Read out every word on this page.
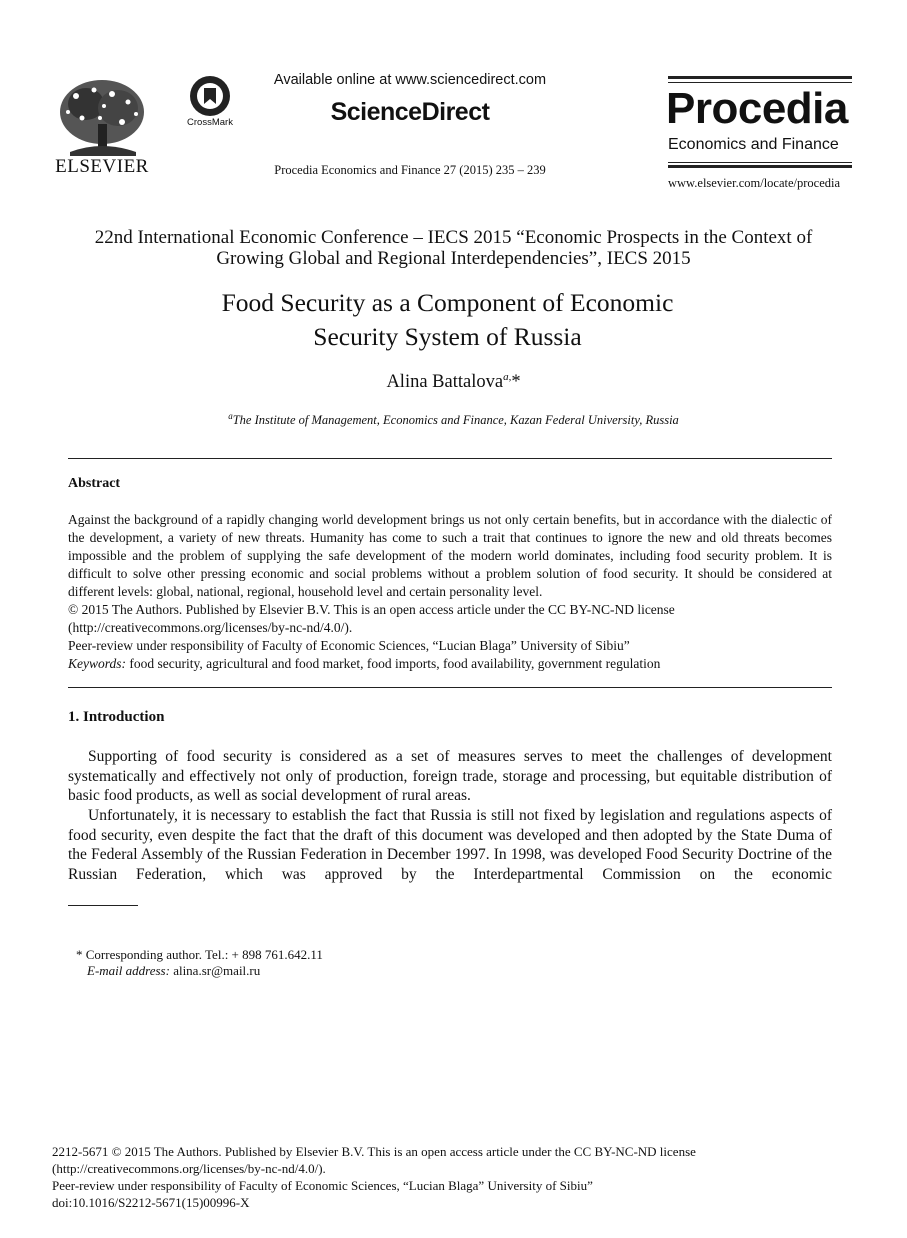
ELSEVIER
CrossMark
Available online at www.sciencedirect.com
ScienceDirect
Procedia Economics and Finance 27 (2015) 235 – 239
Procedia
Economics and Finance
www.elsevier.com/locate/procedia
22nd International Economic Conference – IECS 2015 “Economic Prospects in the Context of Growing Global and Regional Interdependencies”, IECS 2015
Food Security as a Component of Economic
Security System of Russia
Alina Battalova$^{a,}$*
$^a$The Institute of Management, Economics and Finance, Kazan Federal University, Russia
Abstract
Against the background of a rapidly changing world development brings us not only certain benefits, but in accordance with the dialectic of the development, a variety of new threats. Humanity has come to such a trait that continues to ignore the new and old threats becomes impossible and the problem of supplying the safe development of the modern world dominates, including food security problem. It is difficult to solve other pressing economic and social problems without a problem solution of food security. It should be considered at different levels: global, national, regional, household level and certain personality level.
© 2015 The Authors. Published by Elsevier B.V. This is an open access article under the CC BY-NC-ND license
(http://creativecommons.org/licenses/by-nc-nd/4.0/).
Peer-review under responsibility of Faculty of Economic Sciences, “Lucian Blaga” University of Sibiu”
Keywords: food security, agricultural and food market, food imports, food availability, government regulation
1. Introduction
Supporting of food security is considered as a set of measures serves to meet the challenges of development systematically and effectively not only of production, foreign trade, storage and processing, but equitable distribution of basic food products, as well as social development of rural areas.
Unfortunately, it is necessary to establish the fact that Russia is still not fixed by legislation and regulations aspects of food security, even despite the fact that the draft of this document was developed and then adopted by the State Duma of the Federal Assembly of the Russian Federation in December 1997. In 1998, was developed Food Security Doctrine of the Russian Federation, which was approved by the Interdepartmental Commission on the economic
* Corresponding author. Tel.: + 898 761.642.11
E-mail address: alina.sr@mail.ru
2212-5671 © 2015 The Authors. Published by Elsevier B.V. This is an open access article under the CC BY-NC-ND license
(http://creativecommons.org/licenses/by-nc-nd/4.0/).
Peer-review under responsibility of Faculty of Economic Sciences, “Lucian Blaga” University of Sibiu”
doi:10.1016/S2212-5671(15)00996-X
